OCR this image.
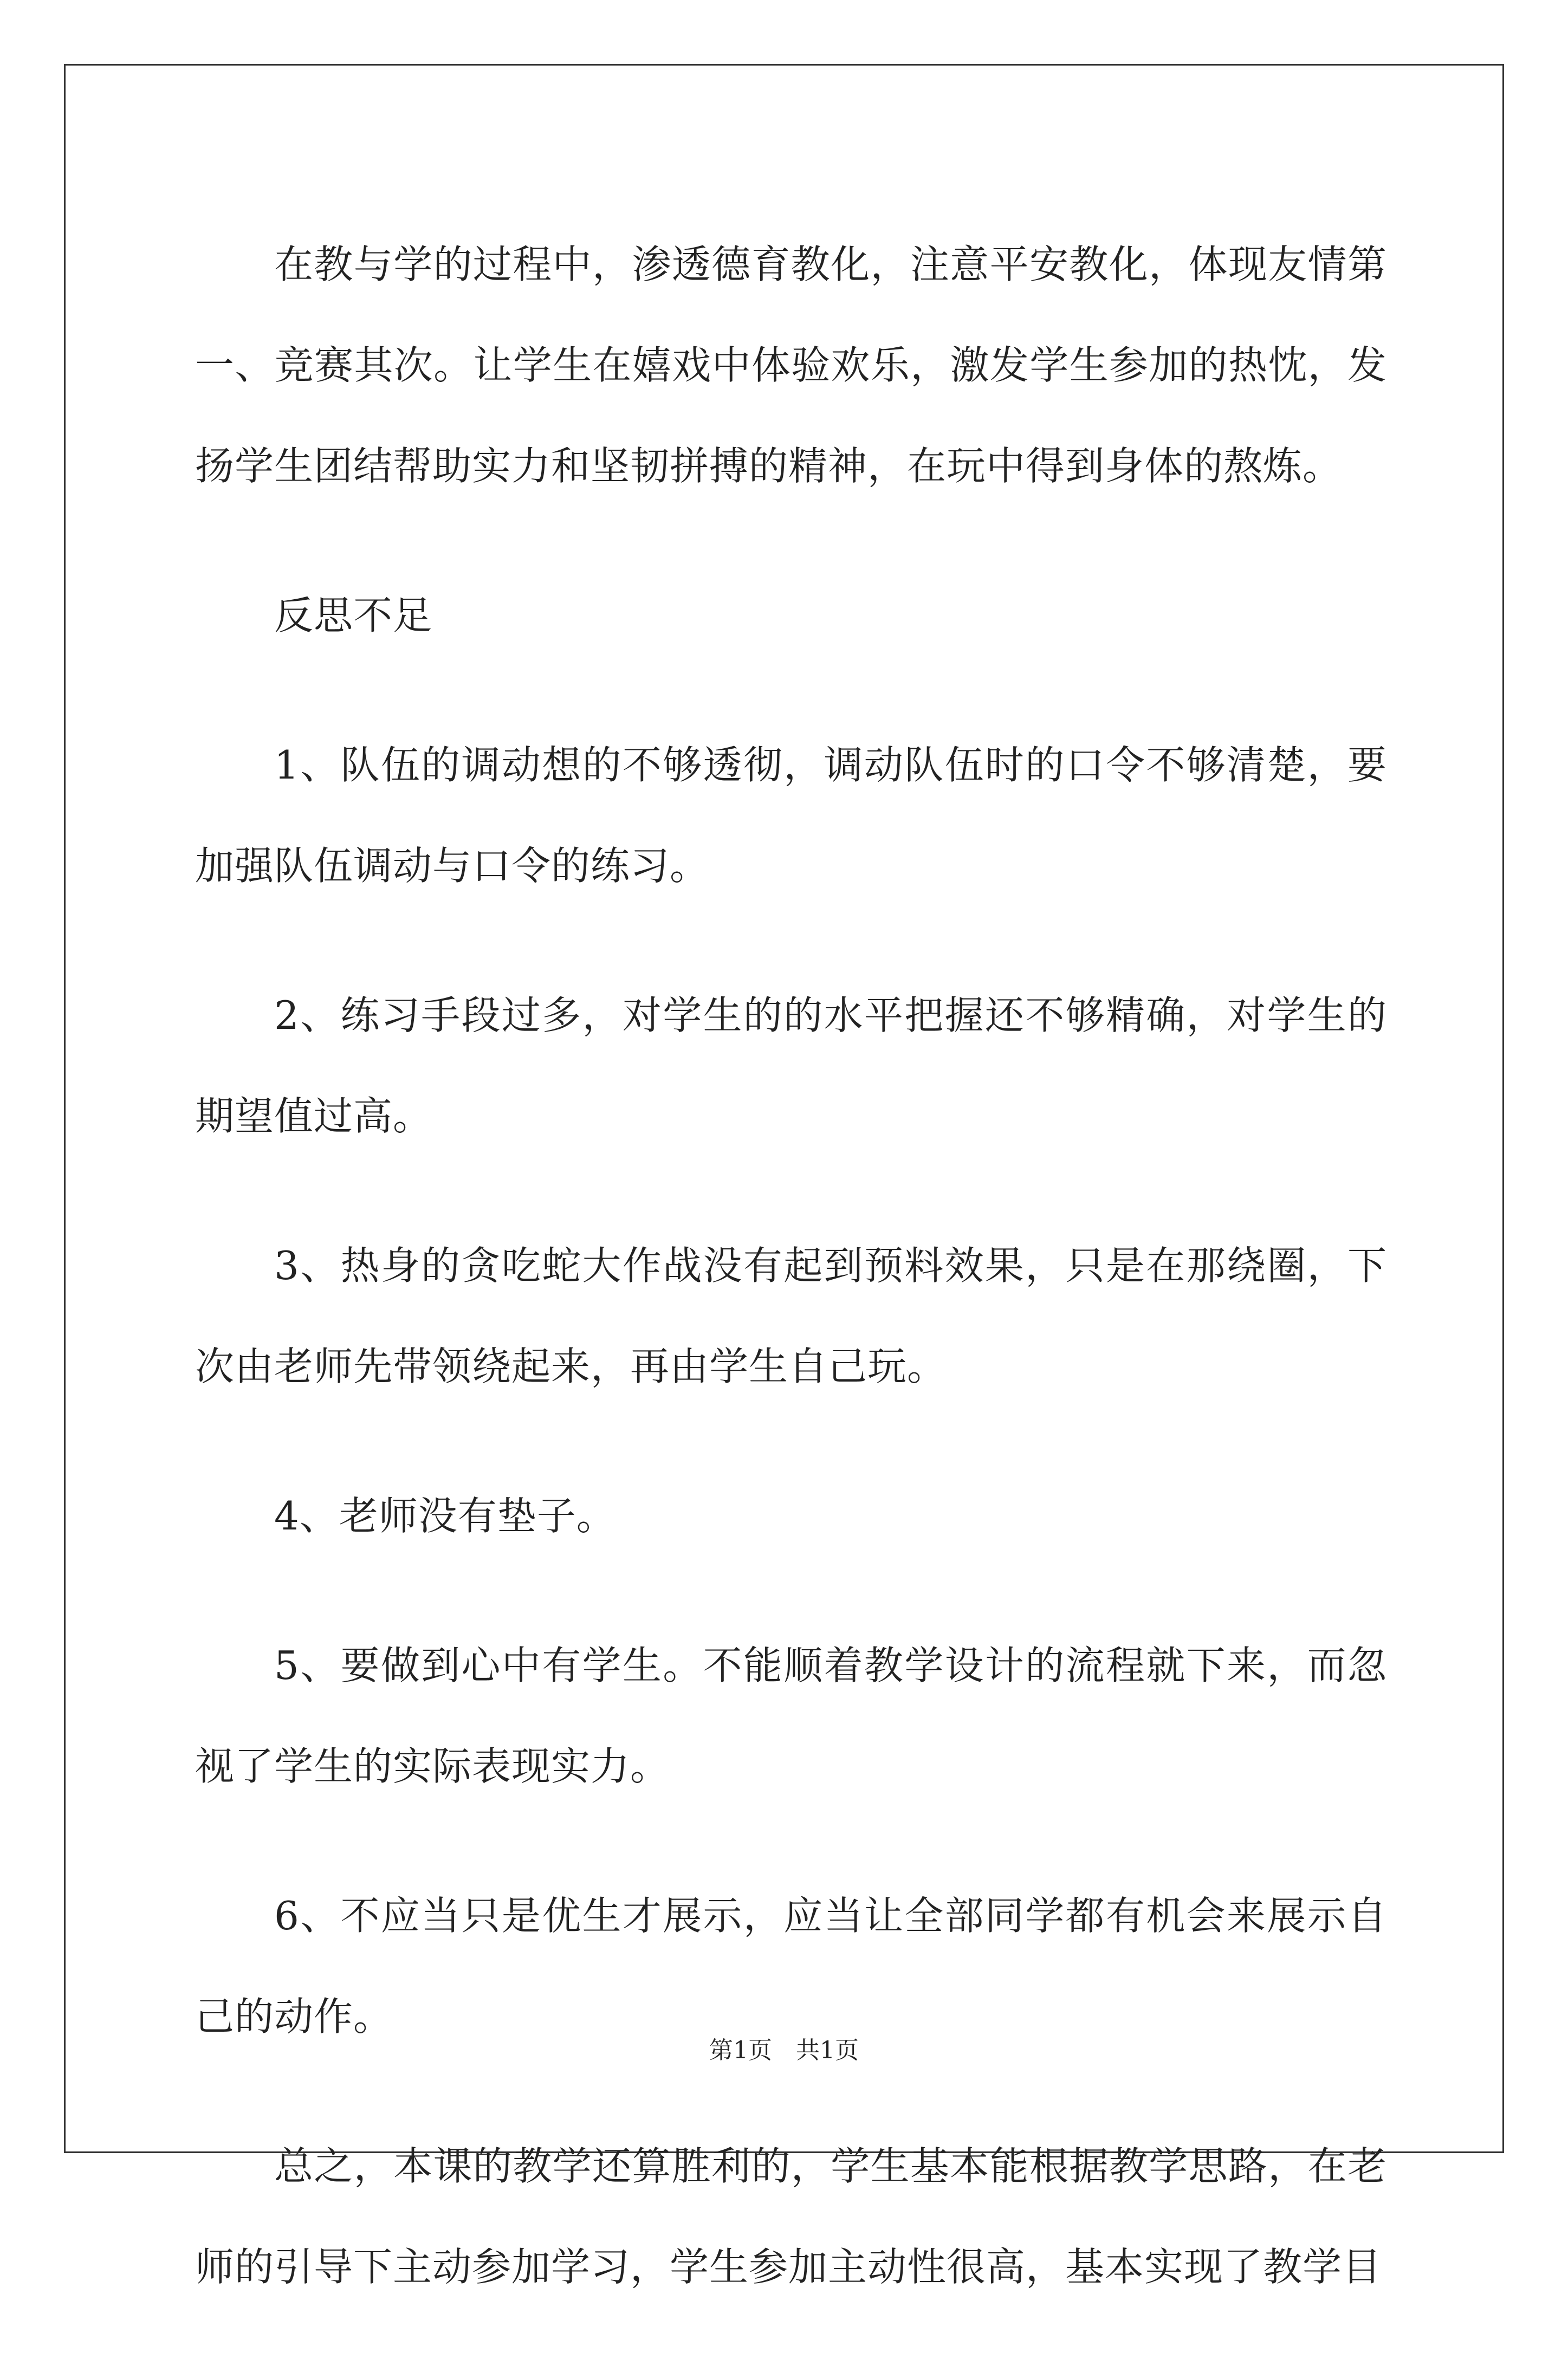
在教与学的过程中，渗透德育教化，注意平安教化，体现友情第一、竞赛其次。让学生在嬉戏中体验欢乐，激发学生参加的热忱，发扬学生团结帮助实力和坚韧拼搏的精神，在玩中得到身体的熬炼。

反思不足

1、队伍的调动想的不够透彻，调动队伍时的口令不够清楚，要加强队伍调动与口令的练习。

2、练习手段过多，对学生的的水平把握还不够精确，对学生的期望值过高。

3、热身的贪吃蛇大作战没有起到预料效果，只是在那绕圈，下次由老师先带领绕起来，再由学生自己玩。

4、老师没有垫子。

5、要做到心中有学生。不能顺着教学设计的流程就下来，而忽视了学生的实际表现实力。

6、不应当只是优生才展示，应当让全部同学都有机会来展示自己的动作。

总之，本课的教学还算胜利的，学生基本能根据教学思路，在老师的引导下主动参加学习，学生参加主动性很高，基本实现了教学目

第1页　共1页
